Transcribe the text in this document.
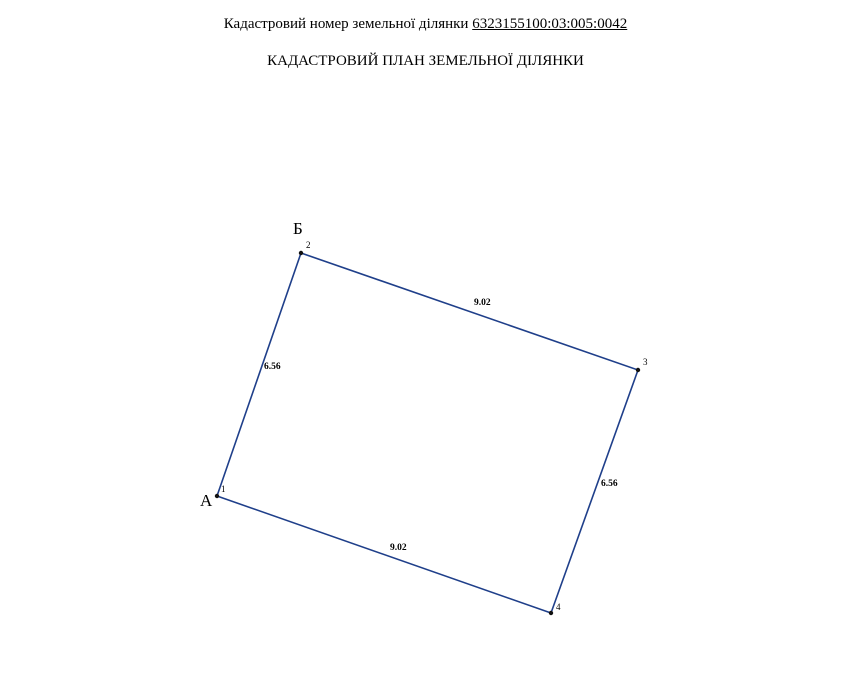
Кадастровий номер земельної ділянки 6323155100:03:005:0042
КАДАСТРОВИЙ ПЛАН ЗЕМЕЛЬНОЇ ДІЛЯНКИ
1
2
3
4
6.56
9.02
6.56
9.02
А
Б
